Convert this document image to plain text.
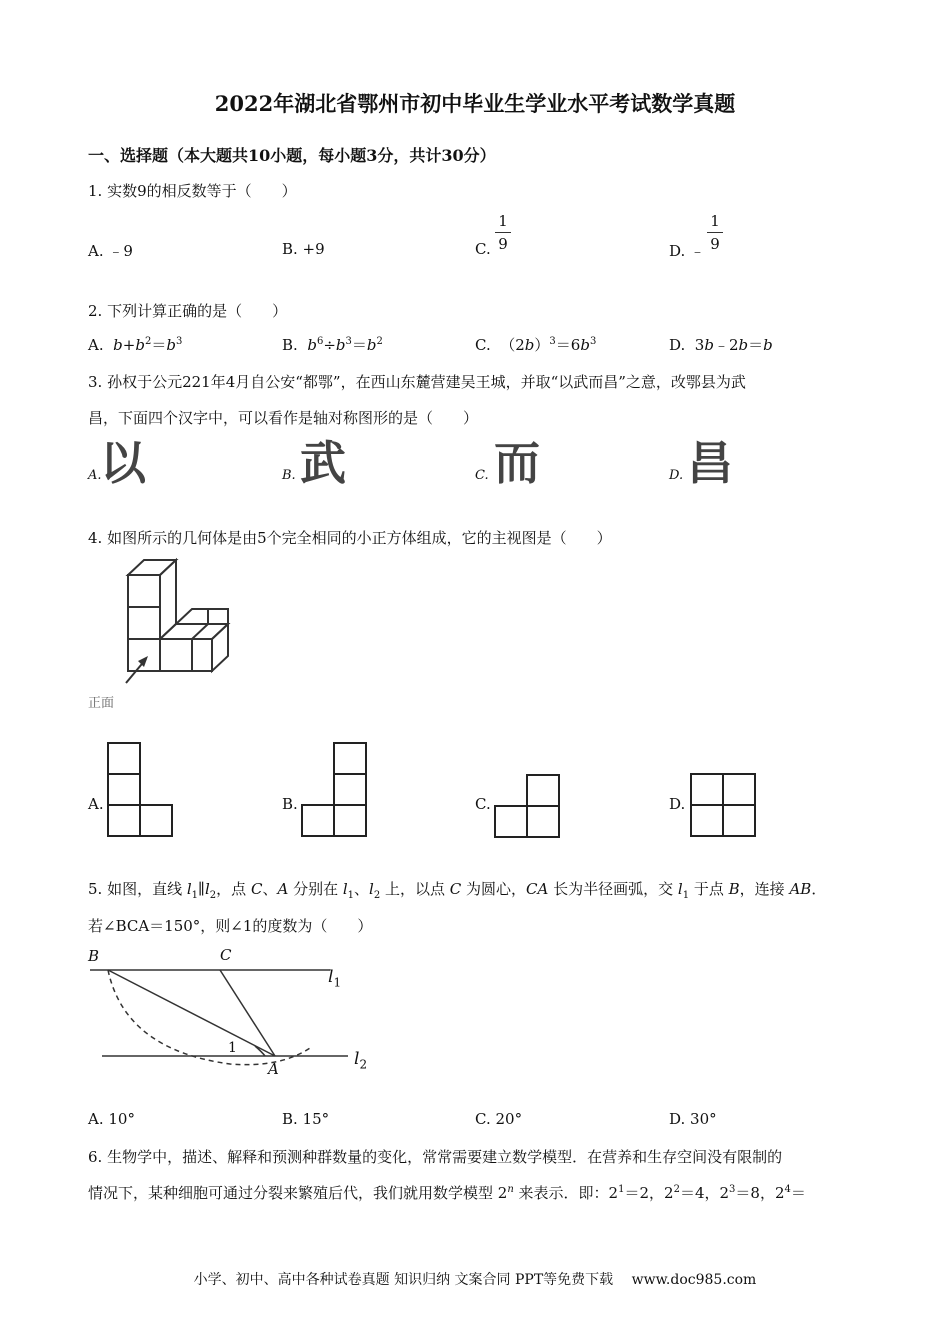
2022年湖北省鄂州市初中毕业生学业水平考试数学真题
一、选择题（本大题共10小题，每小题3分，共计30分）
1. 实数9的相反数等于（　　）
A. ﹣9	B. +9	C.
1
9	D. ﹣
1
9
2. 下列计算正确的是（　　）
A.  $b+b^2=b^3$	B.  $b^6\div b^3=b^2$	C.  $(2b)^3=6b^3$	D.  3b﹣2b＝b
3. 孙权于公元221年4月自公安“都鄂”，在西山东麓营建吴王城，并取“以武而昌”之意，改鄂县为武
昌，下面四个汉字中，可以看作是轴对称图形的是（　　）
A.
以	B. 武	C. 而	D. 昌
4. 如图所示的几何体是由5个完全相同的小正方体组成，它的主视图是（　　）
正面
A.	B.	C.	D.
5. 如图，直线 $l_1\parallel l_2$，点 C、A 分别在 $l_1$、$l_2$ 上，以点 C 为圆心，CA 长为半径画弧，交 $l_1$ 于点 B，连接 AB．
若∠BCA＝150°，则∠1的度数为（　　）
B	C
A
1
$l_1$
$l_2$
A. 10°	B. 15°	C. 20°	D. 30°
6. 生物学中，描述、解释和预测种群数量的变化，常常需要建立数学模型．在营养和生存空间没有限制的
情况下，某种细胞可通过分裂来繁殖后代，我们就用数学模型 2$^n$ 来表示．即：$2^1=2$，$2^2=4$，$2^3=8$，$2^4=$
小学、初中、高中各种试卷真题 知识归纳 文案合同 PPT等免费下载　 www.doc985.com
